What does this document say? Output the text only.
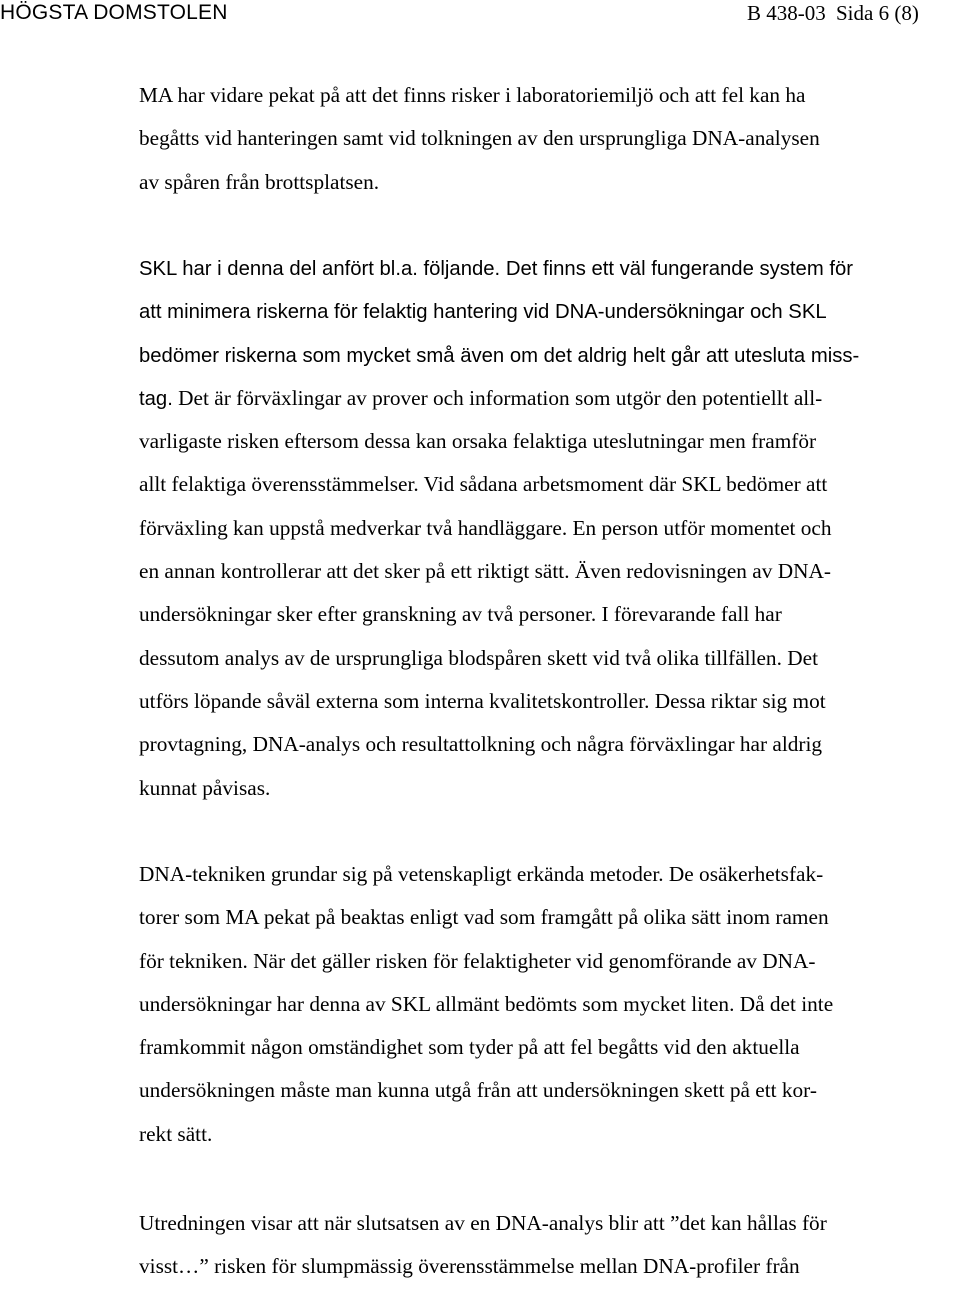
HÖGSTA DOMSTOLEN	B 438-03 Sida 6 (8)
MA har vidare pekat på att det finns risker i laboratoriemiljö och att fel kan ha
begåtts vid hanteringen samt vid tolkningen av den ursprungliga DNA-analysen
av spåren från brottsplatsen.
SKL har i denna del anfört bl.a. följande. Det finns ett väl fungerande system för
att minimera riskerna för felaktig hantering vid DNA-undersökningar och SKL
bedömer riskerna som mycket små även om det aldrig helt går att utesluta miss-
tag. Det är förväxlingar av prover och information som utgör den potentiellt all-
varligaste risken eftersom dessa kan orsaka felaktiga uteslutningar men framför
allt felaktiga överensstämmelser. Vid sådana arbetsmoment där SKL bedömer att
förväxling kan uppstå medverkar två handläggare. En person utför momentet och
en annan kontrollerar att det sker på ett riktigt sätt. Även redovisningen av DNA-
undersökningar sker efter granskning av två personer. I förevarande fall har
dessutom analys av de ursprungliga blodspåren skett vid två olika tillfällen. Det
utförs löpande såväl externa som interna kvalitetskontroller. Dessa riktar sig mot
provtagning, DNA-analys och resultattolkning och några förväxlingar har aldrig
kunnat påvisas.
DNA-tekniken grundar sig på vetenskapligt erkända metoder. De osäkerhetsfak-
torer som MA pekat på beaktas enligt vad som framgått på olika sätt inom ramen
för tekniken. När det gäller risken för felaktigheter vid genomförande av DNA-
undersökningar har denna av SKL allmänt bedömts som mycket liten. Då det inte
framkommit någon omständighet som tyder på att fel begåtts vid den aktuella
undersökningen måste man kunna utgå från att undersökningen skett på ett kor-
rekt sätt.
Utredningen visar att när slutsatsen av en DNA-analys blir att ”det kan hållas för
visst…” risken för slumpmässig överensstämmelse mellan DNA-profiler från
